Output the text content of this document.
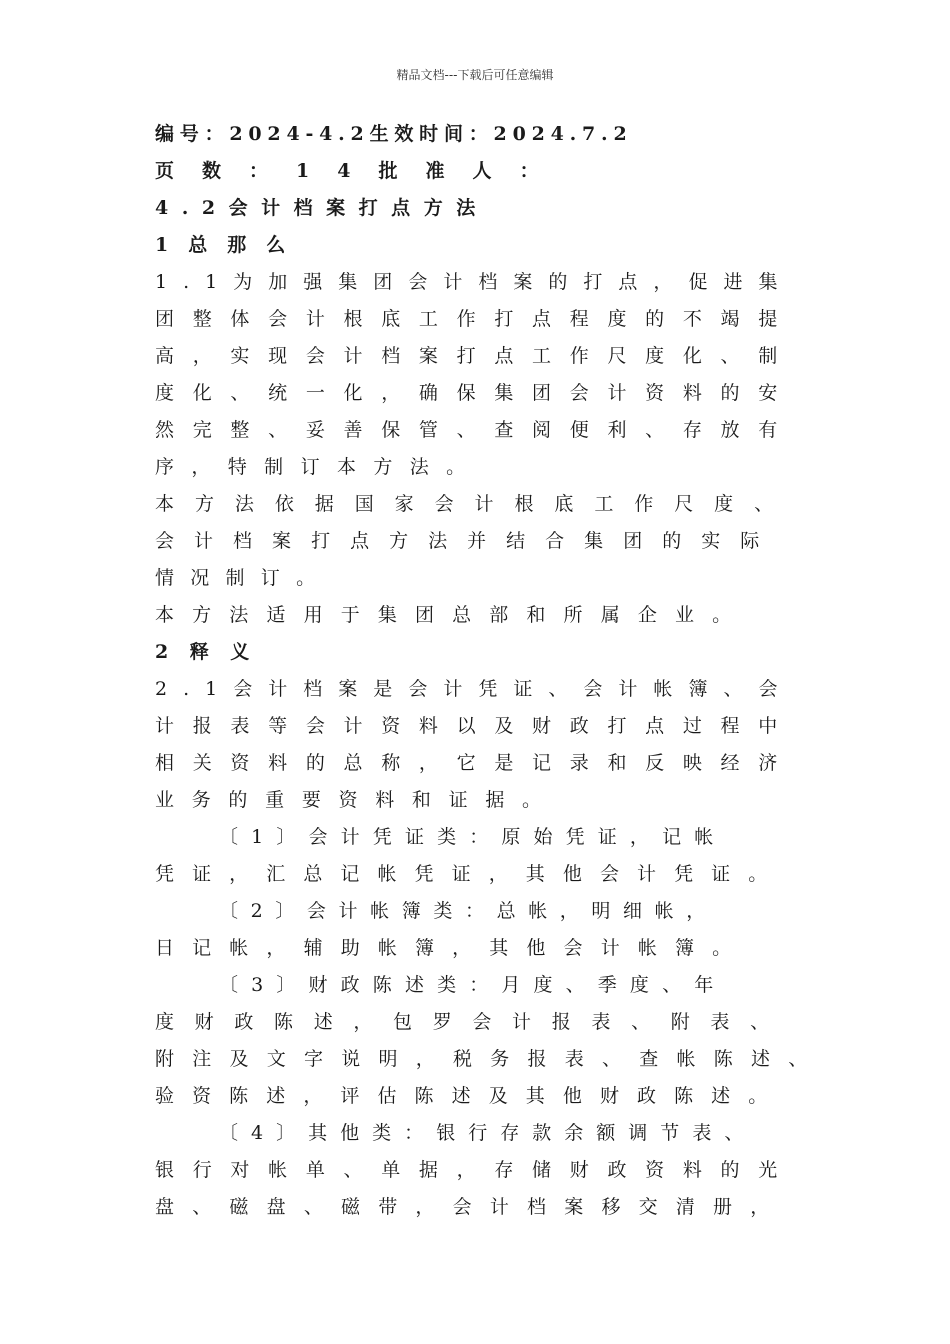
精品文档---下载后可任意编辑
编号：2024-4.2生效时间：2024.7.2
页数：14批准人：
4.2会计档案打点方法
1总那么
1.1为加强集团会计档案的打点，促进集
团整体会计根底工作打点程度的不竭提
高，实现会计档案打点工作尺度化、制
度化、统一化，确保集团会计资料的安
然完整、妥善保管、查阅便利、存放有
序，特制订本方法。
本方法依据国家会计根底工作尺度、
会计档案打点方法并结合集团的实际
情况制订。
本方法适用于集团总部和所属企业。
2释义
2.1会计档案是会计凭证、会计帐簿、会
计报表等会计资料以及财政打点过程中
相关资料的总称，它是记录和反映经济
业务的重要资料和证据。
〔1〕会计凭证类：原始凭证，记帐
凭证，汇总记帐凭证，其他会计凭证。
〔2〕会计帐簿类：总帐，明细帐，
日记帐，辅助帐簿，其他会计帐簿。
〔3〕财政陈述类：月度、季度、年
度财政陈述，包罗会计报表、附表、
附注及文字说明，税务报表、查帐陈述、
验资陈述，评估陈述及其他财政陈述。
〔4〕其他类：银行存款余额调节表、
银行对帐单、单据，存储财政资料的光
盘、磁盘、磁带，会计档案移交清册，
